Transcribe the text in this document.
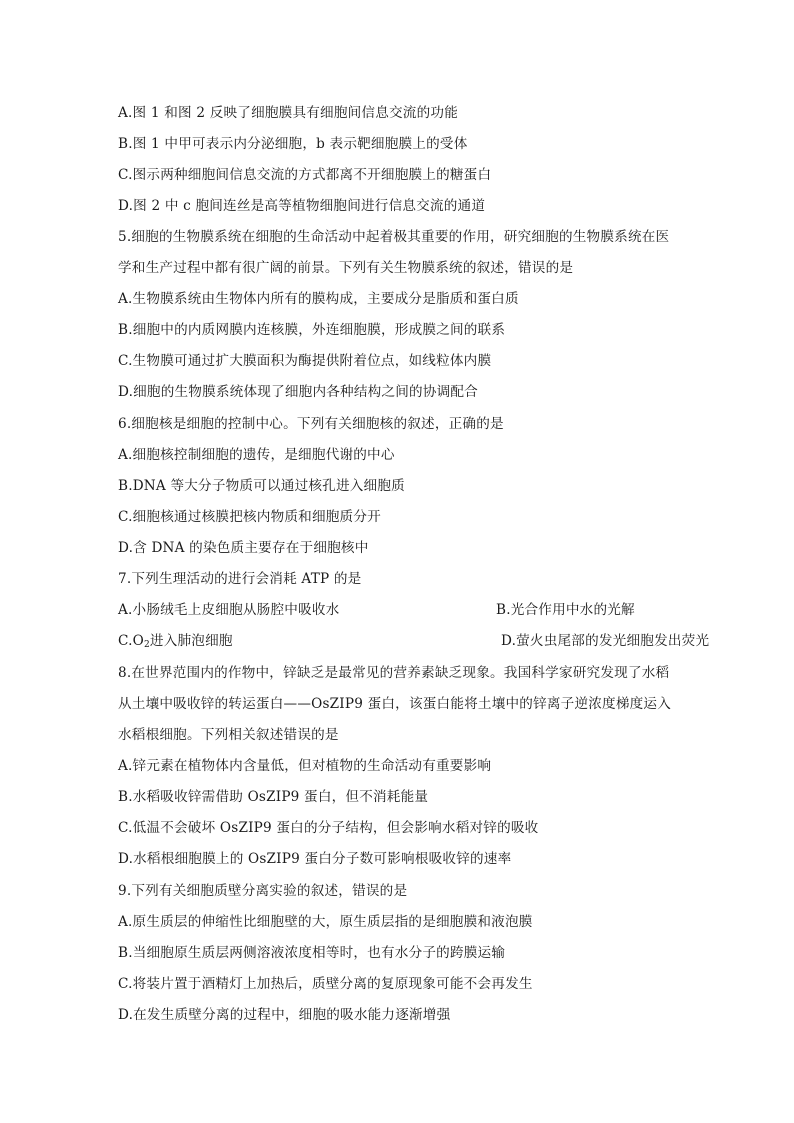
A.图 1 和图 2 反映了细胞膜具有细胞间信息交流的功能
B.图 1 中甲可表示内分泌细胞，b 表示靶细胞膜上的受体
C.图示两种细胞间信息交流的方式都离不开细胞膜上的糖蛋白
D.图 2 中 c 胞间连丝是高等植物细胞间进行信息交流的通道
5.细胞的生物膜系统在细胞的生命活动中起着极其重要的作用，研究细胞的生物膜系统在医
学和生产过程中都有很广阔的前景。下列有关生物膜系统的叙述，错误的是
A.生物膜系统由生物体内所有的膜构成，主要成分是脂质和蛋白质
B.细胞中的内质网膜内连核膜，外连细胞膜，形成膜之间的联系
C.生物膜可通过扩大膜面积为酶提供附着位点，如线粒体内膜
D.细胞的生物膜系统体现了细胞内各种结构之间的协调配合
6.细胞核是细胞的控制中心。下列有关细胞核的叙述，正确的是
A.细胞核控制细胞的遗传，是细胞代谢的中心
B.DNA 等大分子物质可以通过核孔进入细胞质
C.细胞核通过核膜把核内物质和细胞质分开
D.含 DNA 的染色质主要存在于细胞核中
7.下列生理活动的进行会消耗 ATP 的是
A.小肠绒毛上皮细胞从肠腔中吸收水	B.光合作用中水的光解
$C.O_2$进入肺泡细胞	D.萤火虫尾部的发光细胞发出荧光
8.在世界范围内的作物中，锌缺乏是最常见的营养素缺乏现象。我国科学家研究发现了水稻
从土壤中吸收锌的转运蛋白——OsZIP9 蛋白，该蛋白能将土壤中的锌离子逆浓度梯度运入
水稻根细胞。下列相关叙述错误的是
A.锌元素在植物体内含量低，但对植物的生命活动有重要影响
B.水稻吸收锌需借助 OsZIP9 蛋白，但不消耗能量
C.低温不会破坏 OsZIP9 蛋白的分子结构，但会影响水稻对锌的吸收
D.水稻根细胞膜上的 OsZIP9 蛋白分子数可影响根吸收锌的速率
9.下列有关细胞质壁分离实验的叙述，错误的是
A.原生质层的伸缩性比细胞壁的大，原生质层指的是细胞膜和液泡膜
B.当细胞原生质层两侧溶液浓度相等时，也有水分子的跨膜运输
C.将装片置于酒精灯上加热后，质壁分离的复原现象可能不会再发生
D.在发生质壁分离的过程中，细胞的吸水能力逐渐增强
